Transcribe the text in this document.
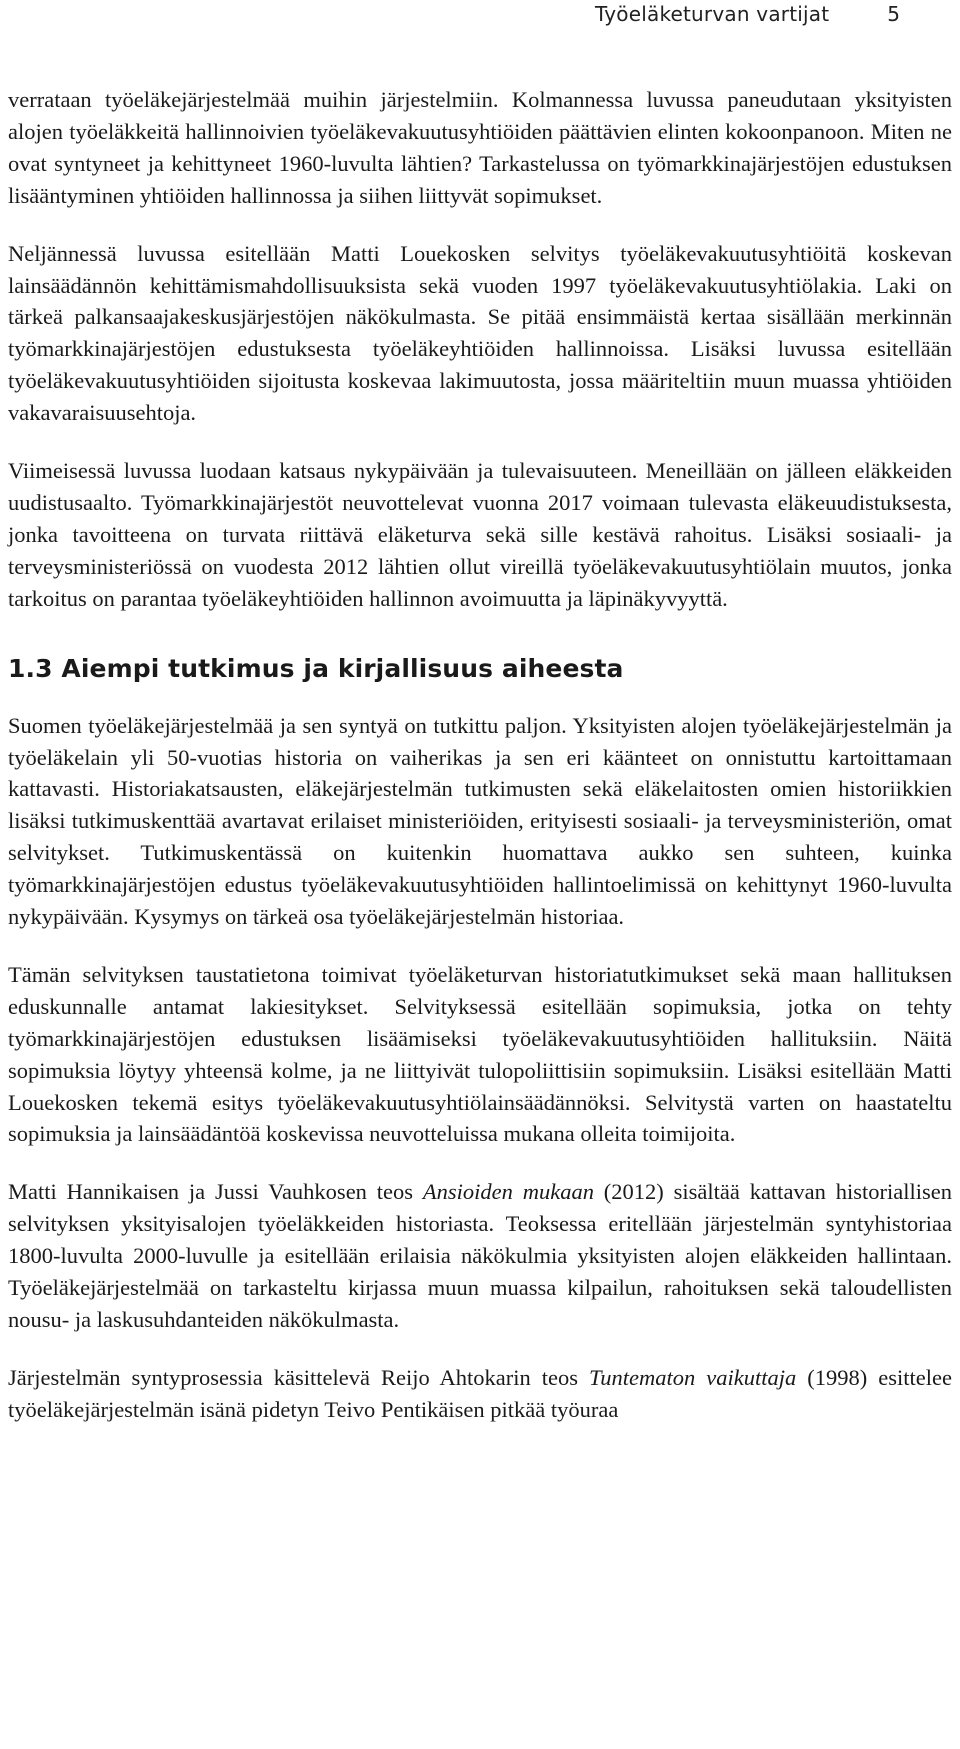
Työeläketurvan vartijat	5

verrataan työeläkejärjestelmää muihin järjestelmiin. Kolmannessa luvussa paneudutaan yksityisten alojen työeläkkeitä hallinnoivien työeläkevakuutusyhtiöiden päättävien elinten kokoonpanoon. Miten ne ovat syntyneet ja kehittyneet 1960-luvulta lähtien? Tarkastelussa on työmarkkinajärjestöjen edustuksen lisääntyminen yhtiöiden hallinnossa ja siihen liittyvät sopimukset.

Neljännessä luvussa esitellään Matti Louekosken selvitys työeläkevakuutusyhtiöitä koskevan lainsäädännön kehittämismahdollisuuksista sekä vuoden 1997 työeläkevakuutusyhtiölakia. Laki on tärkeä palkansaajakeskusjärjestöjen näkökulmasta. Se pitää ensimmäistä kertaa sisällään merkinnän työmarkkinajärjestöjen edustuksesta työeläkeyhtiöiden hallinnoissa. Lisäksi luvussa esitellään työeläkevakuutusyhtiöiden sijoitusta koskevaa lakimuutosta, jossa määriteltiin muun muassa yhtiöiden vakavaraisuusehtoja.

Viimeisessä luvussa luodaan katsaus nykypäivään ja tulevaisuuteen. Meneillään on jälleen eläkkeiden uudistusaalto. Työmarkkinajärjestöt neuvottelevat vuonna 2017 voimaan tulevasta eläkeuudistuksesta, jonka tavoitteena on turvata riittävä eläketurva sekä sille kestävä rahoitus. Lisäksi sosiaali- ja terveysministeriössä on vuodesta 2012 lähtien ollut vireillä työeläkevakuutusyhtiölain muutos, jonka tarkoitus on parantaa työeläkeyhtiöiden hallinnon avoimuutta ja läpinäkyvyyttä.

1.3 Aiempi tutkimus ja kirjallisuus aiheesta

Suomen työeläkejärjestelmää ja sen syntyä on tutkittu paljon. Yksityisten alojen työeläkejärjestelmän ja työeläkelain yli 50-vuotias historia on vaiherikas ja sen eri käänteet on onnistuttu kartoittamaan kattavasti. Historiakatsausten, eläkejärjestelmän tutkimusten sekä eläkelaitosten omien historiikkien lisäksi tutkimuskenttää avartavat erilaiset ministeriöiden, erityisesti sosiaali- ja terveysministeriön, omat selvitykset. Tutkimuskentässä on kuitenkin huomattava aukko sen suhteen, kuinka työmarkkinajärjestöjen edustus työeläkevakuutusyhtiöiden hallintoelimissä on kehittynyt 1960-luvulta nykypäivään. Kysymys on tärkeä osa työeläkejärjestelmän historiaa.

Tämän selvityksen taustatietona toimivat työeläketurvan historiatutkimukset sekä maan hallituksen eduskunnalle antamat lakiesitykset. Selvityksessä esitellään sopimuksia, jotka on tehty työmarkkinajärjestöjen edustuksen lisäämiseksi työeläkevakuutusyhtiöiden hallituksiin. Näitä sopimuksia löytyy yhteensä kolme, ja ne liittyivät tulopoliittisiin sopimuksiin. Lisäksi esitellään Matti Louekosken tekemä esitys työeläkevakuutusyhtiölainsäädännöksi. Selvitystä varten on haastateltu sopimuksia ja lainsäädäntöä koskevissa neuvotteluissa mukana olleita toimijoita.

Matti Hannikaisen ja Jussi Vauhkosen teos Ansioiden mukaan (2012) sisältää kattavan historiallisen selvityksen yksityisalojen työeläkkeiden historiasta. Teoksessa eritellään järjestelmän syntyhistoriaa 1800-luvulta 2000-luvulle ja esitellään erilaisia näkökulmia yksityisten alojen eläkkeiden hallintaan. Työeläkejärjestelmää on tarkasteltu kirjassa muun muassa kilpailun, rahoituksen sekä taloudellisten nousu- ja laskusuhdanteiden näkökulmasta.

Järjestelmän syntyprosessia käsittelevä Reijo Ahtokarin teos Tuntematon vaikuttaja (1998) esittelee työeläkejärjestelmän isänä pidetyn Teivo Pentikäisen pitkää työuraa
